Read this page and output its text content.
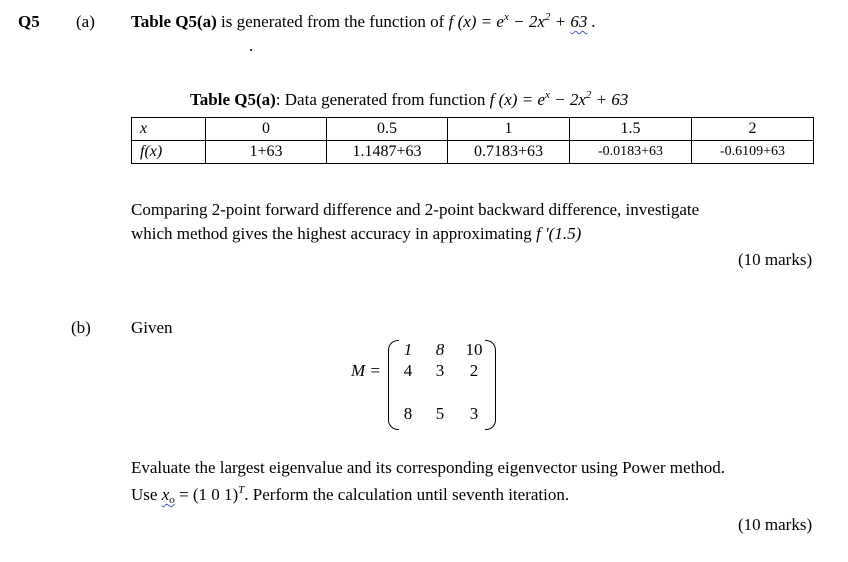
Q5 (a) Table Q5(a) is generated from the function of f $(x) = e^x - 2x^2 + 63$ .
.
Table Q5(a): Data generated from function f $(x) = e^x - 2x^2 + 63$
x	0	0.5	1	1.5	2
f(x)	1+63	1.1487+63	0.7183+63	-0.0183+63	-0.6109+63
Comparing 2-point forward difference and 2-point backward difference, investigate
which method gives the highest accuracy in approximating f '(1.5)
(10 marks)
(b) Given
M =
1	8	10
4	3	2
8	5	3
Evaluate the largest eigenvalue and its corresponding eigenvector using Power method.
Use $x_o = (1$ 0 1)$^T$. Perform the calculation until seventh iteration.
(10 marks)
